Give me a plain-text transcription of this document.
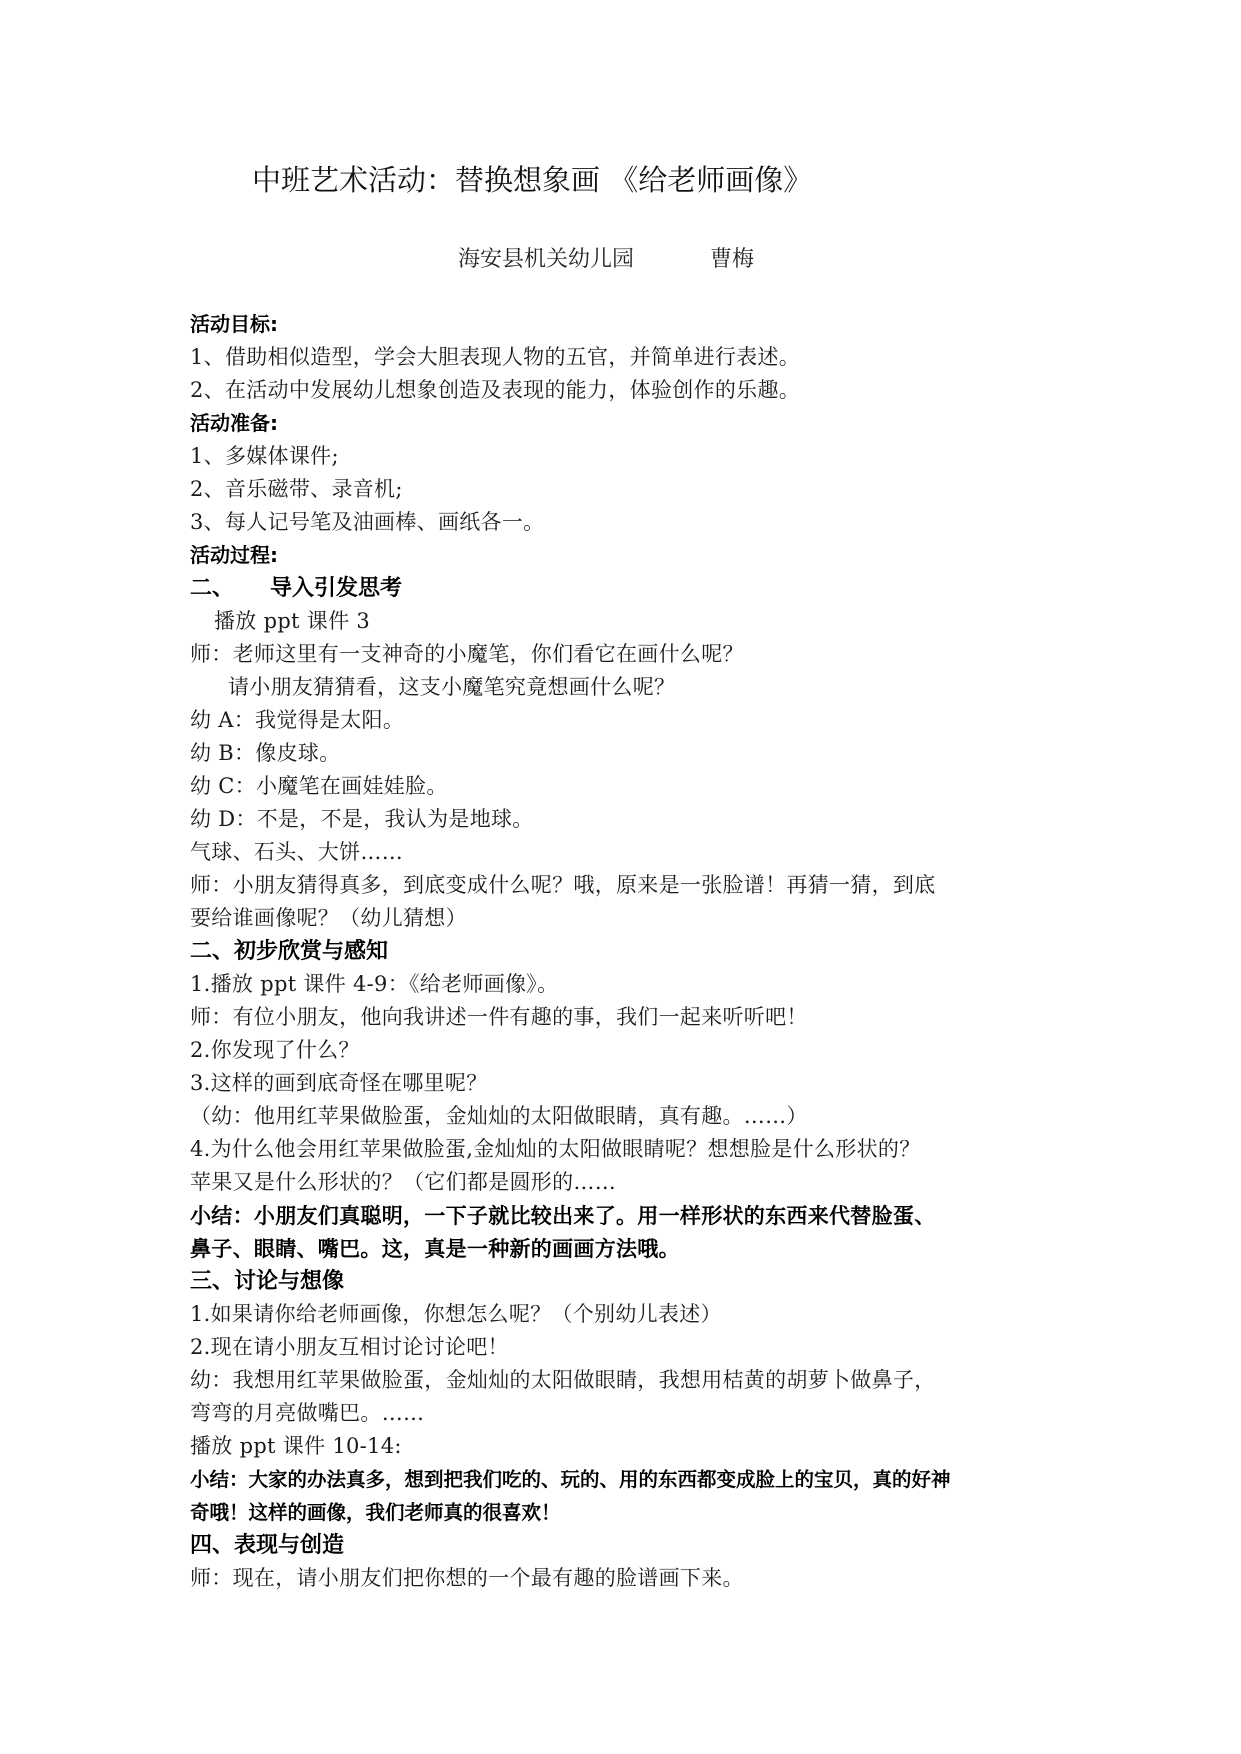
中班艺术活动：替换想象画 《给老师画像》
海安县机关幼儿园	曹梅
活动目标:
1、借助相似造型，学会大胆表现人物的五官，并简单进行表述。
2、在活动中发展幼儿想象创造及表现的能力，体验创作的乐趣。
活动准备:
1、多媒体课件;
2、音乐磁带、录音机;
3、每人记号笔及油画棒、画纸各一。
活动过程:
二、 导入引发思考
播放 ppt 课件 3
师：老师这里有一支神奇的小魔笔，你们看它在画什么呢？
请小朋友猜猜看，这支小魔笔究竟想画什么呢？
幼 A：我觉得是太阳。
幼 B：像皮球。
幼 C：小魔笔在画娃娃脸。
幼 D：不是，不是，我认为是地球。
气球、石头、大饼……
师：小朋友猜得真多，到底变成什么呢？哦，原来是一张脸谱！再猜一猜，到底
要给谁画像呢？（幼儿猜想）
二、初步欣赏与感知
1.播放 ppt 课件 4-9：《给老师画像》。
师：有位小朋友，他向我讲述一件有趣的事，我们一起来听听吧！
2.你发现了什么？
3.这样的画到底奇怪在哪里呢？
（幼：他用红苹果做脸蛋，金灿灿的太阳做眼睛，真有趣。……）
4.为什么他会用红苹果做脸蛋,金灿灿的太阳做眼睛呢？想想脸是什么形状的？
苹果又是什么形状的？（它们都是圆形的……
小结：小朋友们真聪明，一下子就比较出来了。用一样形状的东西来代替脸蛋、
鼻子、眼睛、嘴巴。这，真是一种新的画画方法哦。
三、讨论与想像
1.如果请你给老师画像，你想怎么呢？（个别幼儿表述）
2.现在请小朋友互相讨论讨论吧！
幼：我想用红苹果做脸蛋，金灿灿的太阳做眼睛，我想用桔黄的胡萝卜做鼻子，
弯弯的月亮做嘴巴。……
播放 ppt 课件 10-14:
小结：大家的办法真多，想到把我们吃的、玩的、用的东西都变成脸上的宝贝，真的好神
奇哦！这样的画像，我们老师真的很喜欢！
四、表现与创造
师：现在，请小朋友们把你想的一个最有趣的脸谱画下来。
